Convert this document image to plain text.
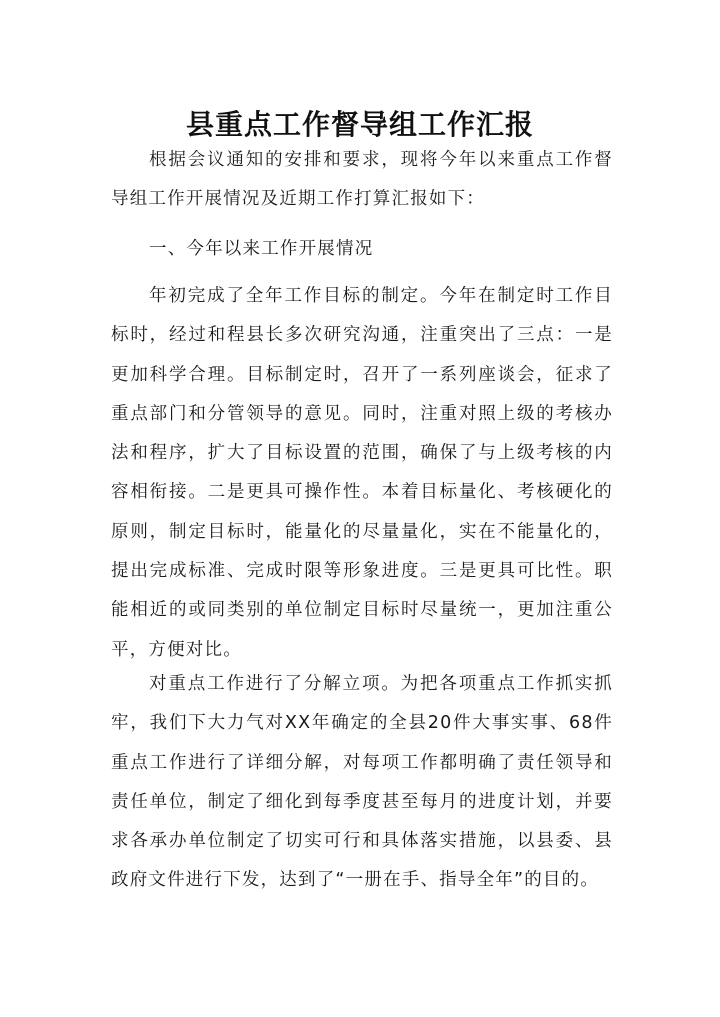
县重点工作督导组工作汇报

根据会议通知的安排和要求，现将今年以来重点工作督导组工作开展情况及近期工作打算汇报如下：

一、今年以来工作开展情况

年初完成了全年工作目标的制定。今年在制定时工作目标时，经过和程县长多次研究沟通，注重突出了三点：一是更加科学合理。目标制定时，召开了一系列座谈会，征求了重点部门和分管领导的意见。同时，注重对照上级的考核办法和程序，扩大了目标设置的范围，确保了与上级考核的内容相衔接。二是更具可操作性。本着目标量化、考核硬化的原则，制定目标时，能量化的尽量量化，实在不能量化的，提出完成标准、完成时限等形象进度。三是更具可比性。职能相近的或同类别的单位制定目标时尽量统一，更加注重公平，方便对比。

对重点工作进行了分解立项。为把各项重点工作抓实抓牢，我们下大力气对XX年确定的全县20件大事实事、68件重点工作进行了详细分解，对每项工作都明确了责任领导和责任单位，制定了细化到每季度甚至每月的进度计划，并要求各承办单位制定了切实可行和具体落实措施，以县委、县政府文件进行下发，达到了“一册在手、指导全年”的目的。
